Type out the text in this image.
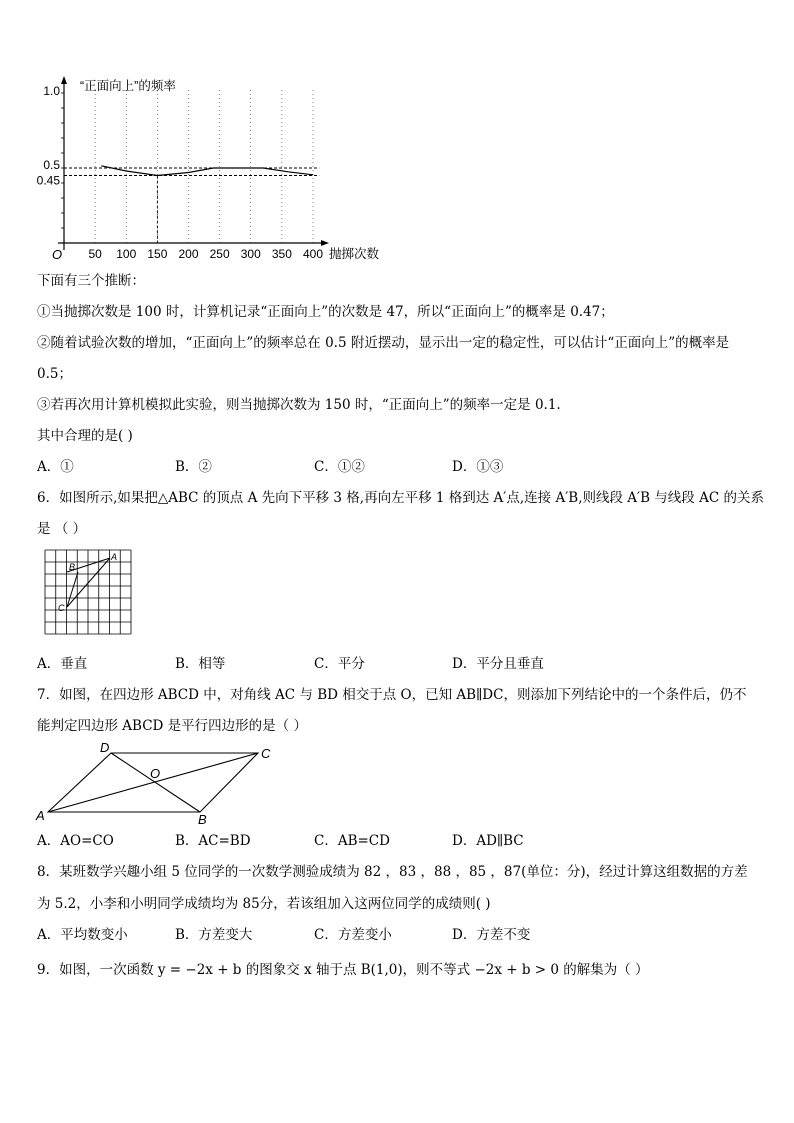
50 100 150 200 250 300 350 400
1.0
0.5
0.45
“正面向上”的频率
抛掷次数
O
下面有三个推断：
①当抛掷次数是 100 时，计算机记录“正面向上”的次数是 47，所以“正面向上”的概率是 0.47；
②随着试验次数的增加，“正面向上”的频率总在 0.5 附近摆动，显示出一定的稳定性，可以估计“正面向上”的概率是
0.5；
③若再次用计算机模拟此实验，则当抛掷次数为 150 时，“正面向上”的频率一定是 0.1.
其中合理的是( )
A．①	B．②	C．①②	D．①③
6．如图所示,如果把△ABC 的顶点 A 先向下平移 3 格,再向左平移 1 格到达 A′点,连接 A′B,则线段 A′B 与线段 AC 的关系
是 （ ）
A
B
C
A．垂直	B．相等	C．平分	D．平分且垂直
7．如图，在四边形 ABCD 中，对角线 AC 与 BD 相交于点 O，已知 AB∥DC，则添加下列结论中的一个条件后，仍不
能判定四边形 ABCD 是平行四边形的是（ ）
D	C
O
A	B
A．AO=CO	B．AC=BD	C．AB=CD	D．AD∥BC
8．某班数学兴趣小组 5 位同学的一次数学测验成绩为 82 ，83 ，88 ，85 ，87(单位：分)，经过计算这组数据的方差
为 5.2，小李和小明同学成绩均为 85分，若该组加入这两位同学的成绩则( )
A．平均数变小	B．方差变大	C．方差变小	D．方差不变
9．如图，一次函数 y = −2x + b 的图象交 x 轴于点 B(1,0)，则不等式 −2x + b > 0 的解集为（ ）
